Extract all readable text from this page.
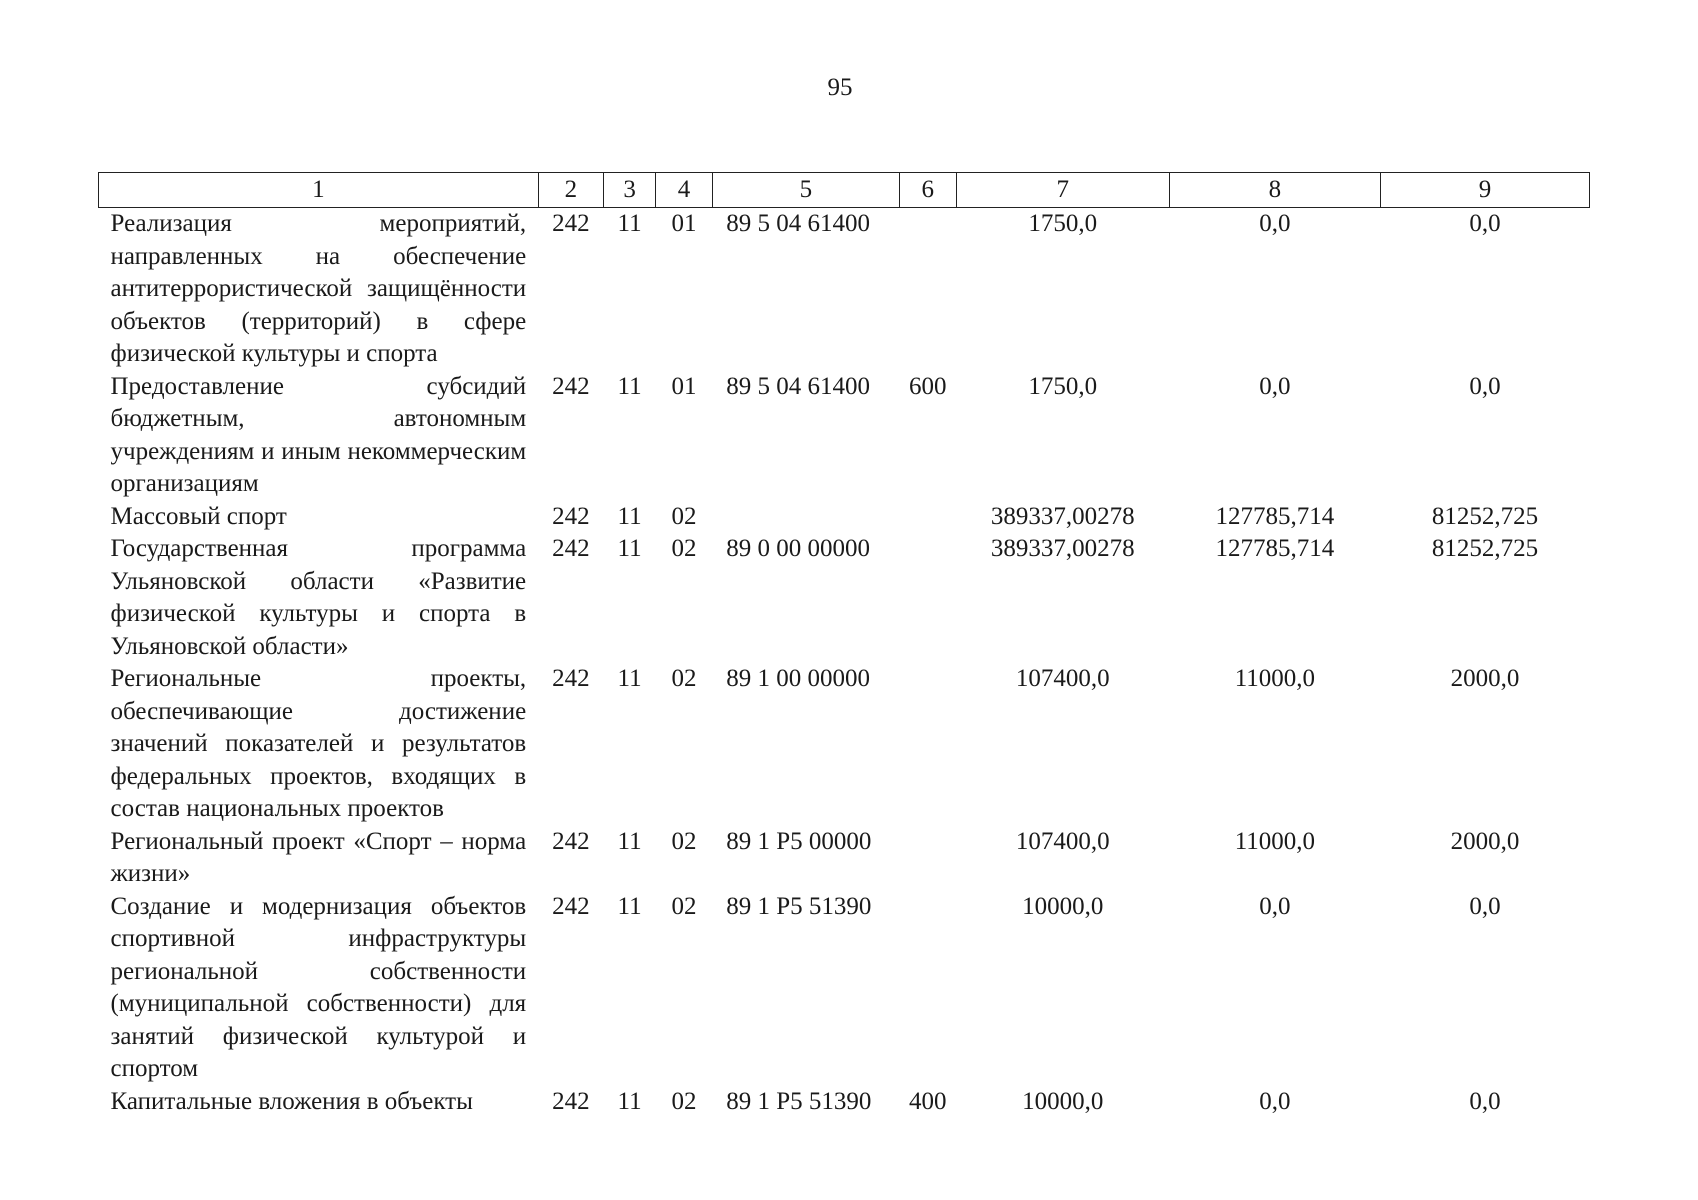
95
1	2	3	4	5	6	7	8	9
Реализация мероприятий, направленных на обеспечение антитеррористической защищённости объектов (территорий) в сфере физической культуры и спорта	242	11	01	89 5 04 61400		1750,0	0,0	0,0
Предоставление субсидий бюджетным, автономным учреждениям и иным некоммерческим организациям	242	11	01	89 5 04 61400	600	1750,0	0,0	0,0
Массовый спорт	242	11	02			389337,00278	127785,714	81252,725
Государственная программа Ульяновской области «Развитие физической культуры и спорта в Ульяновской области»	242	11	02	89 0 00 00000		389337,00278	127785,714	81252,725
Региональные проекты, обеспечивающие достижение значений показателей и результатов федеральных проектов, входящих в состав национальных проектов	242	11	02	89 1 00 00000		107400,0	11000,0	2000,0
Региональный проект «Спорт – норма жизни»	242	11	02	89 1 Р5 00000		107400,0	11000,0	2000,0
Создание и модернизация объектов спортивной инфраструктуры региональной собственности (муниципальной собственности) для занятий физической культурой и спортом	242	11	02	89 1 Р5 51390		10000,0	0,0	0,0
Капитальные вложения в объекты	242	11	02	89 1 Р5 51390	400	10000,0	0,0	0,0
